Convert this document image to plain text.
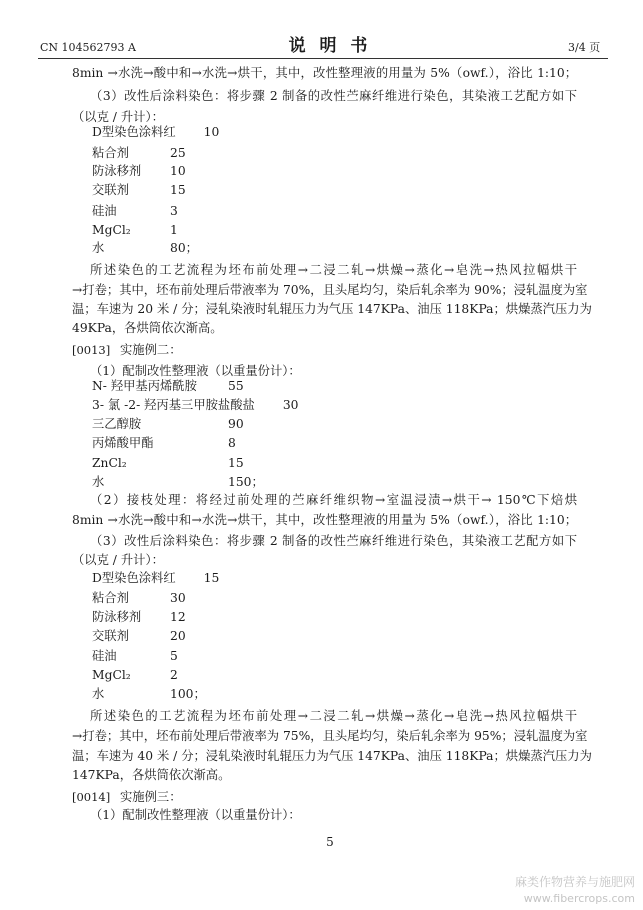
CN 104562793 A	说 明 书	3/4 页
8min →水洗→酸中和→水洗→烘干，其中，改性整理液的用量为 5%（owf.），浴比 1:10；
（3）改性后涂料染色：将步骤 2 制备的改性苎麻纤维进行染色，其染液工艺配方如下
（以克 / 升计）：
D型染色涂料红 10
粘合剂	25
防泳移剂 10
交联剂	15
硅油	3
MgCl₂	1
水	80；
所述染色的工艺流程为坯布前处理→二浸二轧→烘燥→蒸化→皂洗→热风拉幅烘干
→打卷；其中，坯布前处理后带液率为 70%，且头尾均匀，染后轧余率为 90%；浸轧温度为室
温；车速为 20 米 / 分；浸轧染液时轧辊压力为气压 147KPa、油压 118KPa；烘燥蒸汽压力为
49KPa，各烘筒依次渐高。
[0013] 实施例二：
（1）配制改性整理液（以重量份计）：
N- 羟甲基丙烯酰胺	55
3- 氯 -2- 羟丙基三甲胺盐酸盐 30
三乙醇胺	90
丙烯酸甲酯	8
ZnCl₂	15
水	150；
（2）接枝处理：将经过前处理的苎麻纤维织物→室温浸渍→烘干→ 150℃下焙烘
8min →水洗→酸中和→水洗→烘干，其中，改性整理液的用量为 5%（owf.），浴比 1:10；
（3）改性后涂料染色：将步骤 2 制备的改性苎麻纤维进行染色，其染液工艺配方如下
（以克 / 升计）：
D型染色涂料红 15
粘合剂	30
防泳移剂 12
交联剂	20
硅油	5
MgCl₂	2
水	100；
所述染色的工艺流程为坯布前处理→二浸二轧→烘燥→蒸化→皂洗→热风拉幅烘干
→打卷；其中，坯布前处理后带液率为 75%，且头尾均匀，染后轧余率为 95%；浸轧温度为室
温；车速为 40 米 / 分；浸轧染液时轧辊压力为气压 147KPa、油压 118KPa；烘燥蒸汽压力为
147KPa，各烘筒依次渐高。
[0014] 实施例三：
（1）配制改性整理液（以重量份计）：
5
麻类作物营养与施肥网
www.fibercrops.com
